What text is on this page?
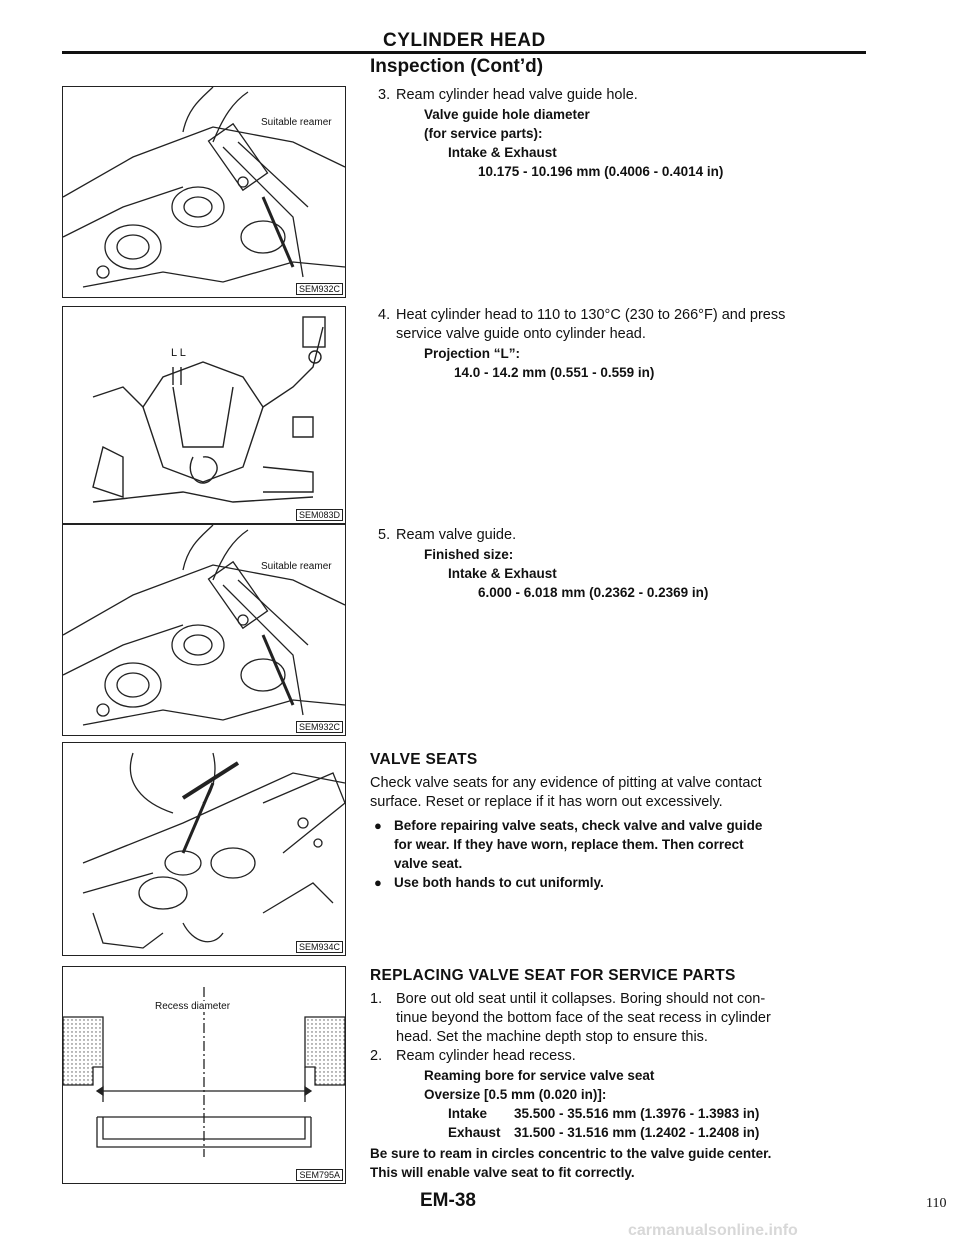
CYLINDER HEAD
Inspection (Cont’d)
Suitable reamer
SEM932C
L L
SEM083D
Suitable reamer
SEM932C
SEM934C
Recess diameter
SEM795A
3. Ream cylinder head valve guide hole.
Valve guide hole diameter
(for service parts):
Intake & Exhaust
10.175 - 10.196 mm (0.4006 - 0.4014 in)
4. Heat cylinder head to 110 to 130°C (230 to 266°F) and press
service valve guide onto cylinder head.
Projection “L”:
14.0 - 14.2 mm (0.551 - 0.559 in)
5. Ream valve guide.
Finished size:
Intake & Exhaust
6.000 - 6.018 mm (0.2362 - 0.2369 in)
VALVE SEATS
Check valve seats for any evidence of pitting at valve contact
surface. Reset or replace if it has worn out excessively.
● Before repairing valve seats, check valve and valve guide
for wear. If they have worn, replace them. Then correct
valve seat.
● Use both hands to cut uniformly.
REPLACING VALVE SEAT FOR SERVICE PARTS
1. Bore out old seat until it collapses. Boring should not con-
tinue beyond the bottom face of the seat recess in cylinder
head. Set the machine depth stop to ensure this.
2. Ream cylinder head recess.
Reaming bore for service valve seat
Oversize [0.5 mm (0.020 in)]:
Intake	35.500 - 35.516 mm (1.3976 - 1.3983 in)
Exhaust 31.500 - 31.516 mm (1.2402 - 1.2408 in)
Be sure to ream in circles concentric to the valve guide center.
This will enable valve seat to fit correctly.
EM-38	110
carmanualsonline.info
